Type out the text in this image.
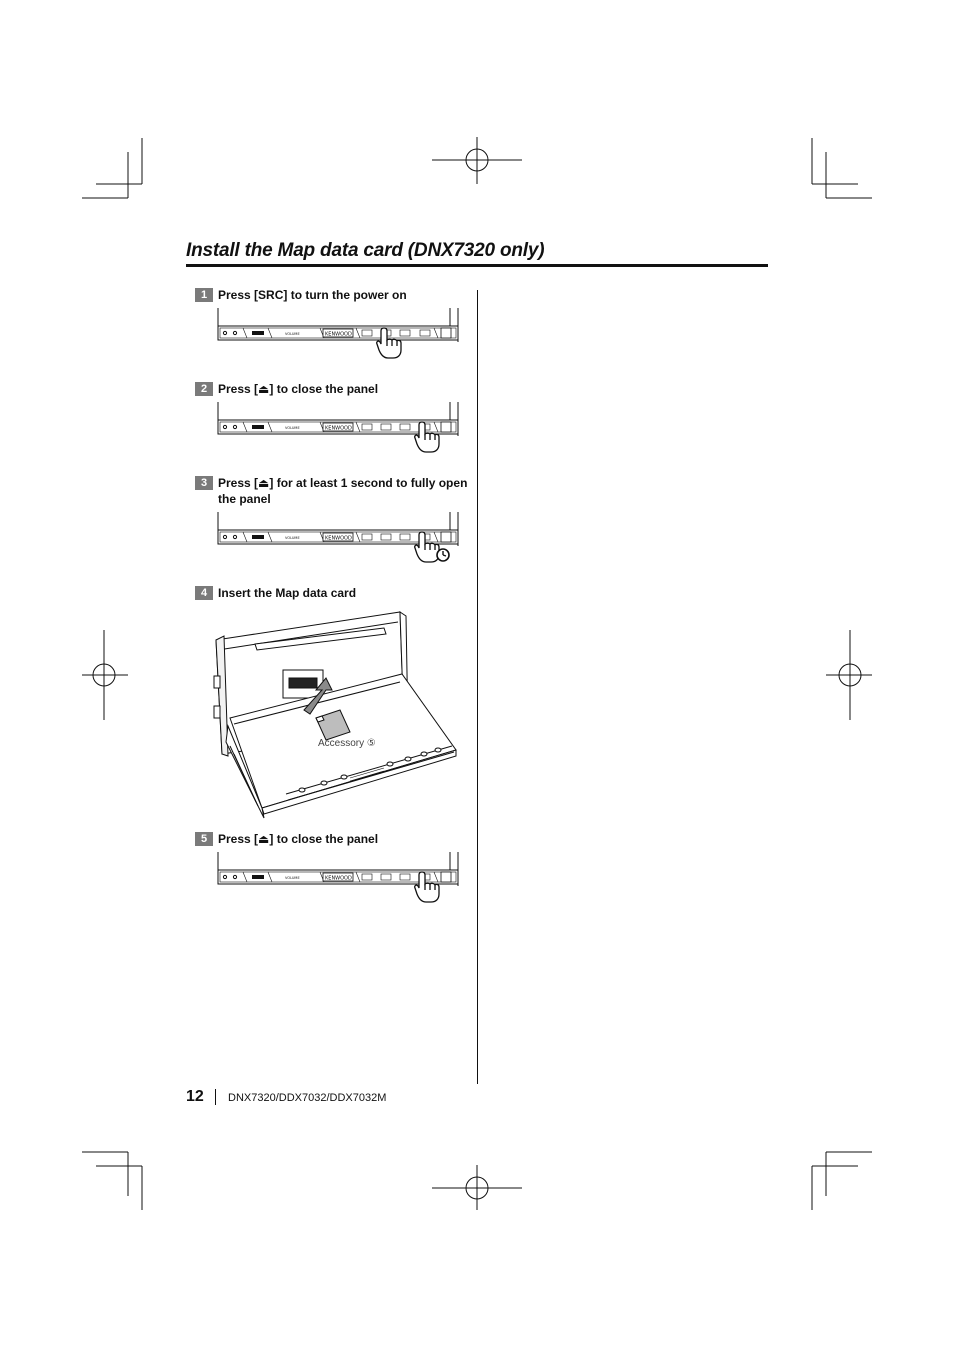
Install the Map data card (DNX7320 only)
1 Press [SRC] to turn the power on
2 Press [⏏] to close the panel
3 Press [⏏] for at least 1 second to fully open the panel
4 Insert the Map data card
Accessory ⑤
5 Press [⏏] to close the panel
12 DNX7320/DDX7032/DDX7032M
